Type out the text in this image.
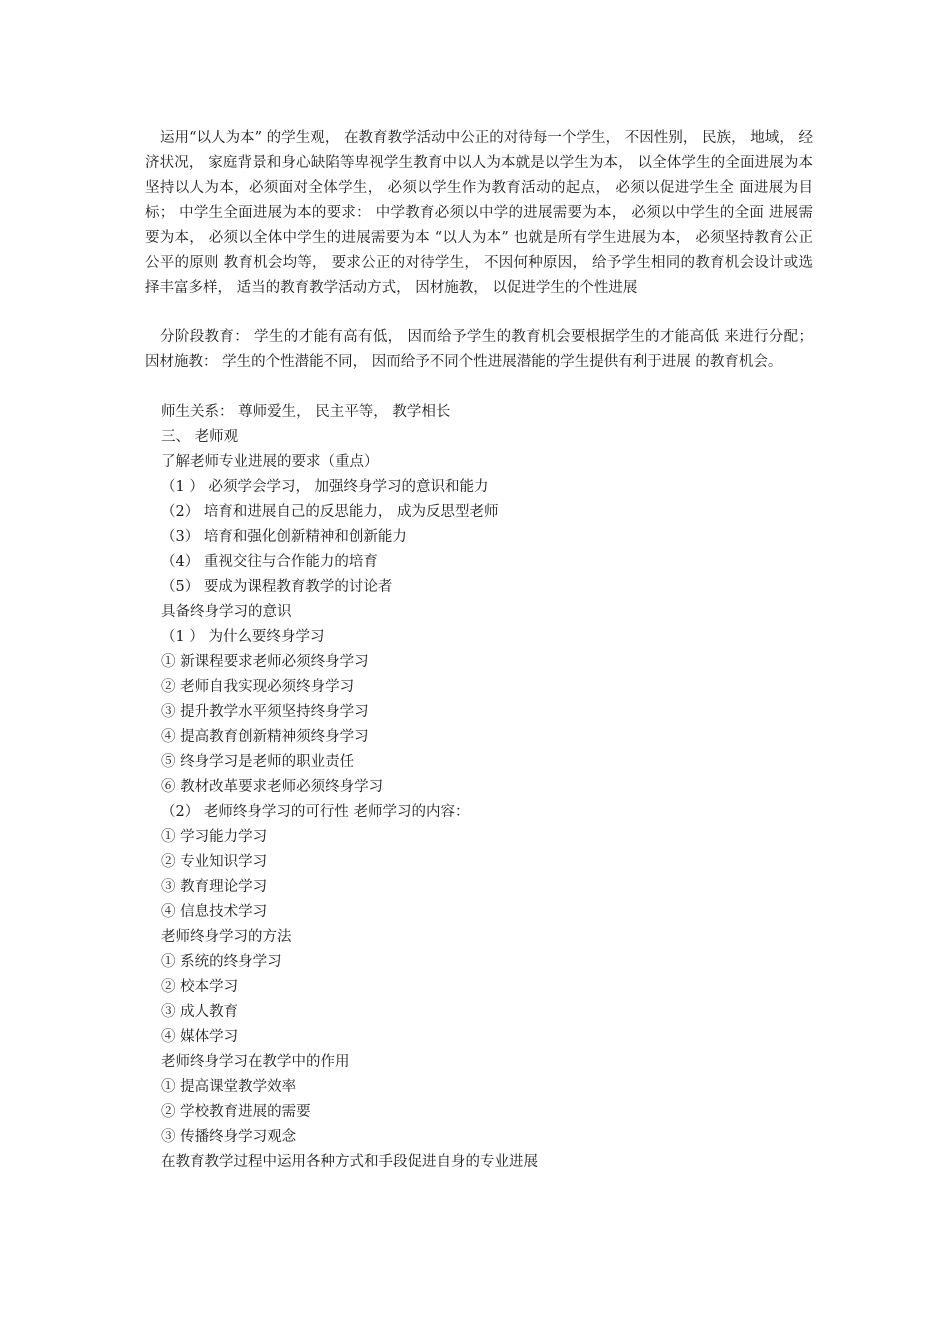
运用“以人为本” 的学生观， 在教育教学活动中公正的对待每一个学生， 不因性别， 民族， 地域， 经济状况， 家庭背景和身心缺陷等卑视学生教育中以人为本就是以学生为本， 以全体学生的全面进展为本 坚持以人为本，必须面对全体学生， 必须以学生作为教育活动的起点， 必须以促进学生全 面进展为目标； 中学生全面进展为本的要求： 中学教育必须以中学的进展需要为本， 必须以中学生的全面 进展需要为本， 必须以全体中学生的进展需要为本 “以人为本” 也就是所有学生进展为本， 必须坚持教育公正公平的原则 教育机会均等， 要求公正的对待学生， 不因何种原因， 给予学生相同的教育机会设计或选择丰富多样， 适当的教育教学活动方式， 因材施教， 以促进学生的个性进展
分阶段教育： 学生的才能有高有低， 因而给予学生的教育机会要根据学生的才能高低 来进行分配； 因材施教： 学生的个性潜能不同， 因而给予不同个性进展潜能的学生提供有利于进展 的教育机会。
师生关系： 尊师爱生， 民主平等， 教学相长
三、 老师观
了解老师专业进展的要求（重点）
（1 ） 必须学会学习， 加强终身学习的意识和能力
（2） 培育和进展自己的反思能力， 成为反思型老师
（3） 培育和强化创新精神和创新能力
（4） 重视交往与合作能力的培育
（5） 要成为课程教育教学的讨论者
具备终身学习的意识
（1 ） 为什么要终身学习
① 新课程要求老师必须终身学习
② 老师自我实现必须终身学习
③ 提升教学水平须坚持终身学习
④ 提高教育创新精神须终身学习
⑤ 终身学习是老师的职业责任
⑥ 教材改革要求老师必须终身学习
（2） 老师终身学习的可行性 老师学习的内容：
① 学习能力学习
② 专业知识学习
③ 教育理论学习
④ 信息技术学习
老师终身学习的方法
① 系统的终身学习
② 校本学习
③ 成人教育
④ 媒体学习
老师终身学习在教学中的作用
① 提高课堂教学效率
② 学校教育进展的需要
③ 传播终身学习观念
在教育教学过程中运用各种方式和手段促进自身的专业进展
